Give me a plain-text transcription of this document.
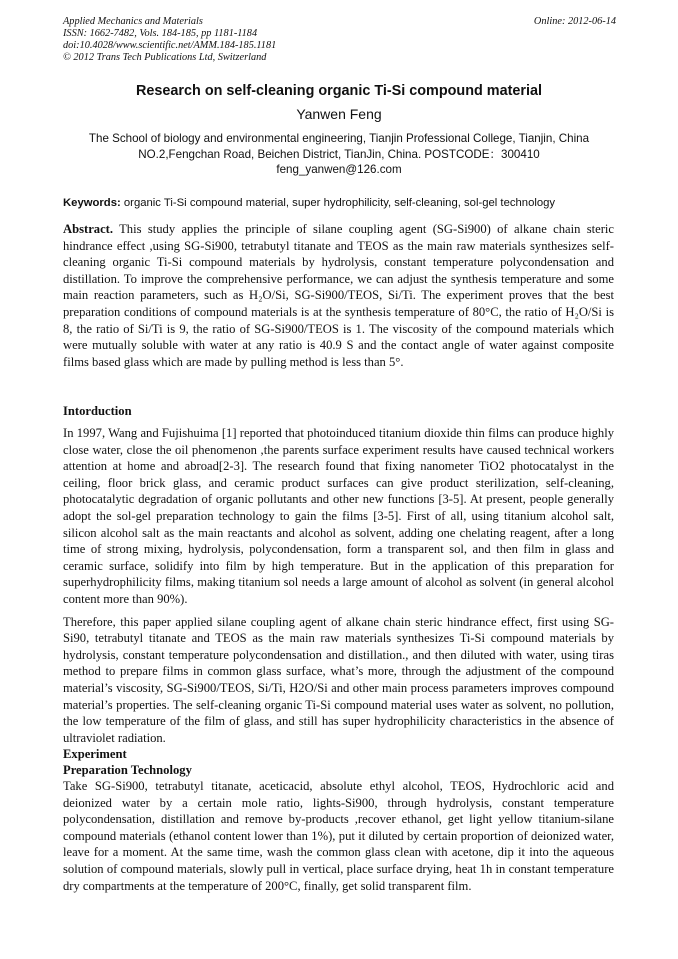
Applied Mechanics and Materials
ISSN: 1662-7482, Vols. 184-185, pp 1181-1184
doi:10.4028/www.scientific.net/AMM.184-185.1181
© 2012 Trans Tech Publications Ltd, Switzerland
Online: 2012-06-14
Research on self-cleaning organic Ti-Si compound material
Yanwen Feng
The School of biology and environmental engineering, Tianjin Professional College, Tianjin, China
NO.2,Fengchan Road, Beichen District, TianJin, China. POSTCODE：300410
feng_yanwen@126.com
Keywords: organic Ti-Si compound material, super hydrophilicity, self-cleaning, sol-gel technology

Abstract. This study applies the principle of silane coupling agent (SG-Si900) of alkane chain steric hindrance effect ,using SG-Si900, tetrabutyl titanate and TEOS as the main raw materials synthesizes self-cleaning organic Ti-Si compound materials by hydrolysis, constant temperature polycondensation and distillation. To improve the comprehensive performance, we can adjust the synthesis temperature and some main reaction parameters, such as H₂O/Si, SG-Si900/TEOS, Si/Ti. The experiment proves that the best preparation conditions of compound materials is at the synthesis temperature of 80°C, the ratio of H₂O/Si is 8, the ratio of Si/Ti is 9, the ratio of SG-Si900/TEOS is 1. The viscosity of the compound materials which were mutually soluble with water at any ratio is 40.9 S and the contact angle of water against composite films based glass which are made by pulling method is less than 5°.

Intorduction

In 1997, Wang and Fujishuima [1] reported that photoinduced titanium dioxide thin films can produce highly close water, close the oil phenomenon ,the parents surface experiment results have caused technical workers attention at home and abroad[2-3]. The research found that fixing nanometer TiO2 photocatalyst in the ceiling, floor brick glass, and ceramic product surfaces can give product sterilization, self-cleaning, photocatalytic degradation of organic pollutants and other new functions [3-5]. At present, people generally adopt the sol-gel preparation technology to gain the films [3-5]. First of all, using titanium alcohol salt, silicon alcohol salt as the main reactants and alcohol as solvent, adding one chelating reagent, after a long time of strong mixing, hydrolysis, polycondensation, form a transparent sol, and then film in glass and ceramic surface, solidify into film by high temperature. But in the application of this preparation for superhydrophilicity films, making titanium sol needs a large amount of alcohol as solvent (in general alcohol content more than 90%).

Therefore, this paper applied silane coupling agent of alkane chain steric hindrance effect, first using SG-Si90, tetrabutyl titanate and TEOS as the main raw materials synthesizes Ti-Si compound materials by hydrolysis, constant temperature polycondensation and distillation., and then diluted with water, using tiras method to prepare films in common glass surface, what’s more, through the adjustment of the compound material’s viscosity, SG-Si900/TEOS, Si/Ti, H2O/Si and other main process parameters improves compound material’s properties. The self-cleaning organic Ti-Si compound material uses water as solvent, no pollution, the low temperature of the film of glass, and still has super hydrophilicity characteristics in the absence of ultraviolet radiation.

Experiment
Preparation Technology

Take SG-Si900, tetrabutyl titanate, aceticacid, absolute ethyl alcohol, TEOS, Hydrochloric acid and deionized water by a certain mole ratio, lights-Si900, through hydrolysis, constant temperature polycondensation, distillation and remove by-products ,recover ethanol, get light yellow titanium-silane compound materials (ethanol content lower than 1%), put it diluted by certain proportion of deionized water, leave for a moment. At the same time, wash the common glass clean with acetone, dip it into the aqueous solution of compound materials, slowly pull in vertical, place surface drying, heat 1h in constant temperature dry compartments at the temperature of 200°C, finally, get solid transparent film.
